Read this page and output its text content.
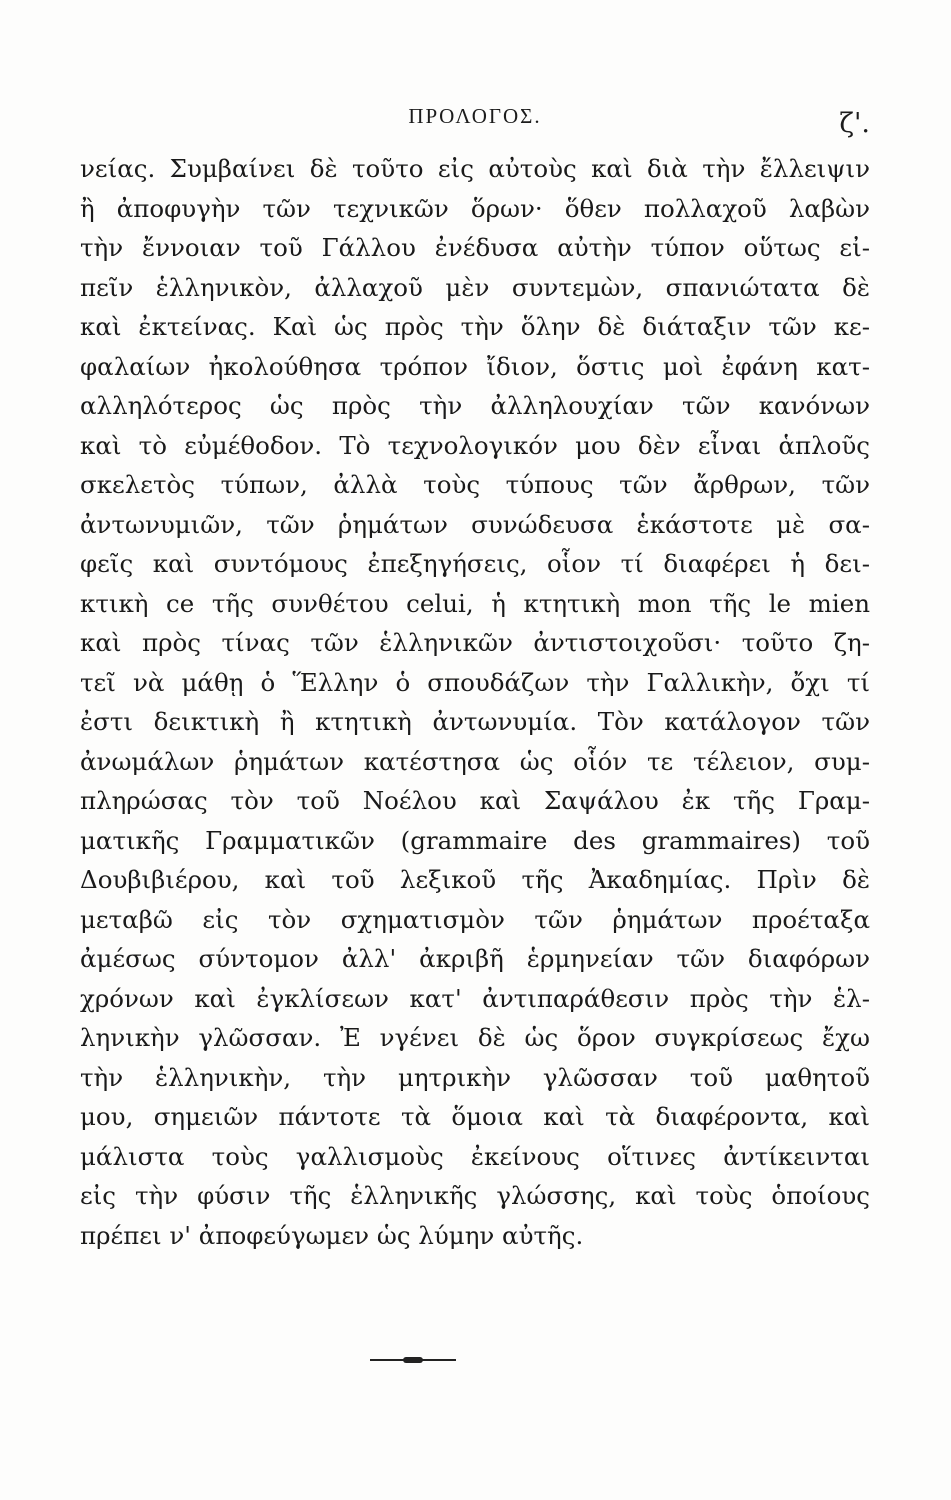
ΠΡΟΛΟΓΟΣ.	ζ'.
νείας. Συμβαίνει δὲ τοῦτο εἰς αὐτοὺς καὶ διὰ τὴν ἔλλειψιν
ἢ ἀποφυγὴν τῶν τεχνικῶν ὅρων· ὅθεν πολλαχοῦ λαβὼν
τὴν ἔννοιαν τοῦ Γάλλου ἐνέδυσα αὐτὴν τύπον οὕτως εἰ-
πεῖν ἑλληνικὸν, ἀλλαχοῦ μὲν συντεμὼν, σπανιώτατα δὲ
καὶ ἐκτείνας. Καὶ ὡς πρὸς τὴν ὅλην δὲ διάταξιν τῶν κε-
φαλαίων ἠκολούθησα τρόπον ἴδιον, ὅστις μοὶ ἐφάνη κατ-
αλληλότερος ὡς πρὸς τὴν ἀλληλουχίαν τῶν κανόνων
καὶ τὸ εὐμέθοδον. Τὸ τεχνολογικόν μου δὲν εἶναι ἁπλοῦς
σκελετὸς τύπων, ἀλλὰ τοὺς τύπους τῶν ἄρθρων, τῶν
ἀντωνυμιῶν, τῶν ῥημάτων συνώδευσα ἑκάστοτε μὲ σα-
φεῖς καὶ συντόμους ἐπεξηγήσεις, οἷον τί διαφέρει ἡ δει-
κτικὴ ce τῆς συνθέτου celui, ἡ κτητικὴ mon τῆς le mien
καὶ πρὸς τίνας τῶν ἑλληνικῶν ἀντιστοιχοῦσι· τοῦτο ζη-
τεῖ νὰ μάθῃ ὁ Ἕλλην ὁ σπουδάζων τὴν Γαλλικὴν, ὄχι τί
ἐστι δεικτικὴ ἢ κτητικὴ ἀντωνυμία. Τὸν κατάλογον τῶν
ἀνωμάλων ῥημάτων κατέστησα ὡς οἷόν τε τέλειον, συμ-
πληρώσας τὸν τοῦ Νοέλου καὶ Σαψάλου ἐκ τῆς Γραμ-
ματικῆς Γραμματικῶν (grammaire des grammaires) τοῦ
Δουβιβιέρου, καὶ τοῦ λεξικοῦ τῆς Ἀκαδημίας. Πρὶν δὲ
μεταβῶ εἰς τὸν σχηματισμὸν τῶν ῥημάτων προέταξα
ἀμέσως σύντομον ἀλλ' ἀκριβῆ ἑρμηνείαν τῶν διαφόρων
χρόνων καὶ ἐγκλίσεων κατ' ἀντιπαράθεσιν πρὸς τὴν ἑλ-
ληνικὴν γλῶσσαν. Ἐ νγένει δὲ ὡς ὅρον συγκρίσεως ἔχω
τὴν ἑλληνικὴν, τὴν μητρικὴν γλῶσσαν τοῦ μαθητοῦ
μου, σημειῶν πάντοτε τὰ ὅμοια καὶ τὰ διαφέροντα, καὶ
μάλιστα τοὺς γαλλισμοὺς ἐκείνους οἵτινες ἀντίκεινται
εἰς τὴν φύσιν τῆς ἑλληνικῆς γλώσσης, καὶ τοὺς ὁποίους
πρέπει ν' ἀποφεύγωμεν ὡς λύμην αὐτῆς.
